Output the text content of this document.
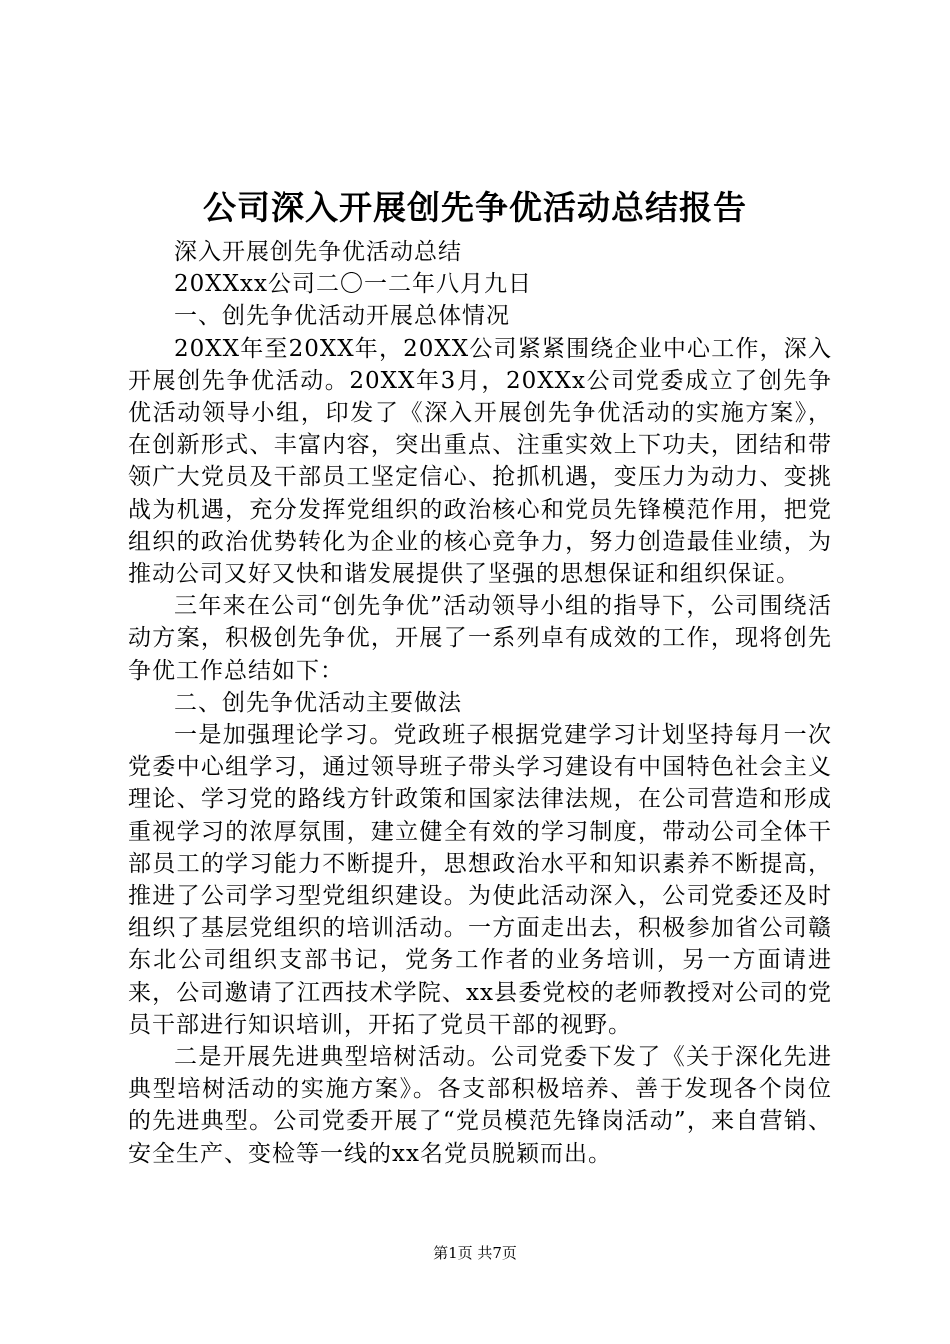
公司深入开展创先争优活动总结报告

深入开展创先争优活动总结

20XXxx公司二〇一二年八月九日

一、创先争优活动开展总体情况

20XX年至20XX年，20XX公司紧紧围绕企业中心工作，深入开展创先争优活动。20XX年3月，20XXx公司党委成立了创先争优活动领导小组，印发了《深入开展创先争优活动的实施方案》，在创新形式、丰富内容，突出重点、注重实效上下功夫，团结和带领广大党员及干部员工坚定信心、抢抓机遇，变压力为动力、变挑战为机遇，充分发挥党组织的政治核心和党员先锋模范作用，把党组织的政治优势转化为企业的核心竞争力，努力创造最佳业绩，为推动公司又好又快和谐发展提供了坚强的思想保证和组织保证。

三年来在公司“创先争优”活动领导小组的指导下，公司围绕活动方案，积极创先争优，开展了一系列卓有成效的工作，现将创先争优工作总结如下：

二、创先争优活动主要做法

一是加强理论学习。党政班子根据党建学习计划坚持每月一次党委中心组学习，通过领导班子带头学习建设有中国特色社会主义理论、学习党的路线方针政策和国家法律法规，在公司营造和形成重视学习的浓厚氛围，建立健全有效的学习制度，带动公司全体干部员工的学习能力不断提升，思想政治水平和知识素养不断提高，推进了公司学习型党组织建设。为使此活动深入，公司党委还及时组织了基层党组织的培训活动。一方面走出去，积极参加省公司赣东北公司组织支部书记，党务工作者的业务培训，另一方面请进来，公司邀请了江西技术学院、xx县委党校的老师教授对公司的党员干部进行知识培训，开拓了党员干部的视野。

二是开展先进典型培树活动。公司党委下发了《关于深化先进典型培树活动的实施方案》。各支部积极培养、善于发现各个岗位的先进典型。公司党委开展了“党员模范先锋岗活动”，来自营销、安全生产、变检等一线的xx名党员脱颖而出。

第1页 共7页
